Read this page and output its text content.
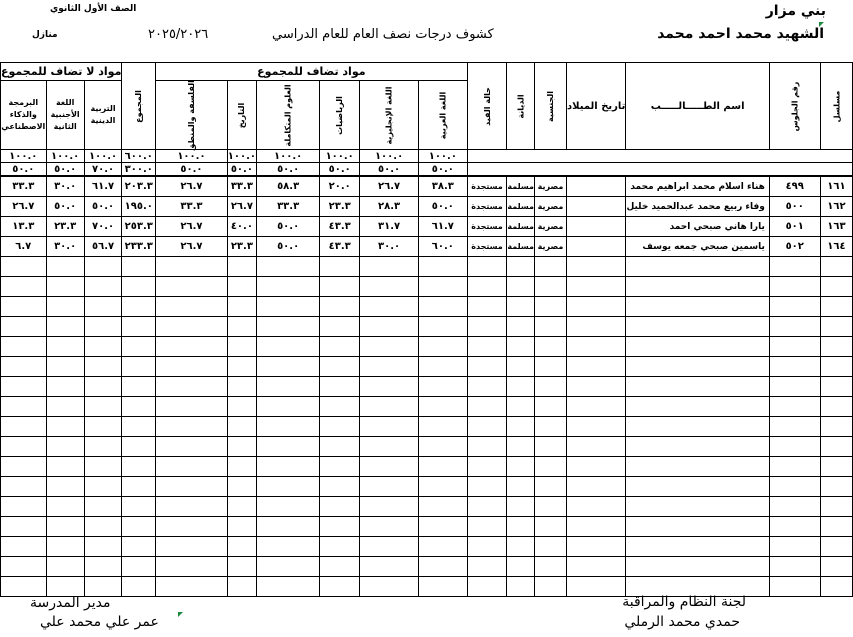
بني مزار
الشهيد محمد احمد محمد
كشوف درجات نصف العام للعام الدراسي
٢٠٢٥/٢٠٢٦
الصف الأول الثانوي
منازل
مسلسل	رقم الجلوس	اسم الطـــــالـــــب	تاريخ الميلاد	الجنسية	الديانة	حالة القيد	مواد تضاف للمجموع						المجموع	مواد لا تضاف للمجموع		
							اللغة العربية	اللغة الإنجليزية	الرياضيات	العلوم المتكاملة	التاريخ	الفلسفة والمنطق		التربية الدينية	اللغة الأجنبية الثانية	البرمجة والذكاء الاصطناعي
							١٠٠.٠	١٠٠.٠	١٠٠.٠	١٠٠.٠	١٠٠.٠	١٠٠.٠	٦٠٠.٠	١٠٠.٠	١٠٠.٠	١٠٠.٠
							٥٠.٠	٥٠.٠	٥٠.٠	٥٠.٠	٥٠.٠	٥٠.٠	٣٠٠.٠	٧٠.٠	٥٠.٠	٥٠.٠
١٦١	٤٩٩	هناء اسلام محمد ابراهيم محمد		مصرية	مسلمة	مستجدة	٣٨.٣	٢٦.٧	٢٠.٠	٥٨.٣	٣٣.٣	٢٦.٧	٢٠٣.٣	٦١.٧	٣٠.٠	٣٣.٣
١٦٢	٥٠٠	وفاء ربيع محمد عبدالحميد خليل		مصرية	مسلمة	مستجدة	٥٠.٠	٢٨.٣	٢٣.٣	٣٣.٣	٢٦.٧	٣٣.٣	١٩٥.٠	٥٠.٠	٥٠.٠	٢٦.٧
١٦٣	٥٠١	يارا هاني صبحي احمد		مصرية	مسلمة	مستجدة	٦١.٧	٣١.٧	٤٣.٣	٥٠.٠	٤٠.٠	٢٦.٧	٢٥٣.٣	٧٠.٠	٢٣.٣	١٣.٣
١٦٤	٥٠٢	ياسمين صبحي جمعه يوسف		مصرية	مسلمة	مستجدة	٦٠.٠	٣٠.٠	٤٣.٣	٥٠.٠	٢٣.٣	٢٦.٧	٢٣٣.٣	٥٦.٧	٣٠.٠	٦.٧

لجنة النظام والمراقبة
حمدي محمد الرملي
مدير المدرسة
عمر علي محمد علي
